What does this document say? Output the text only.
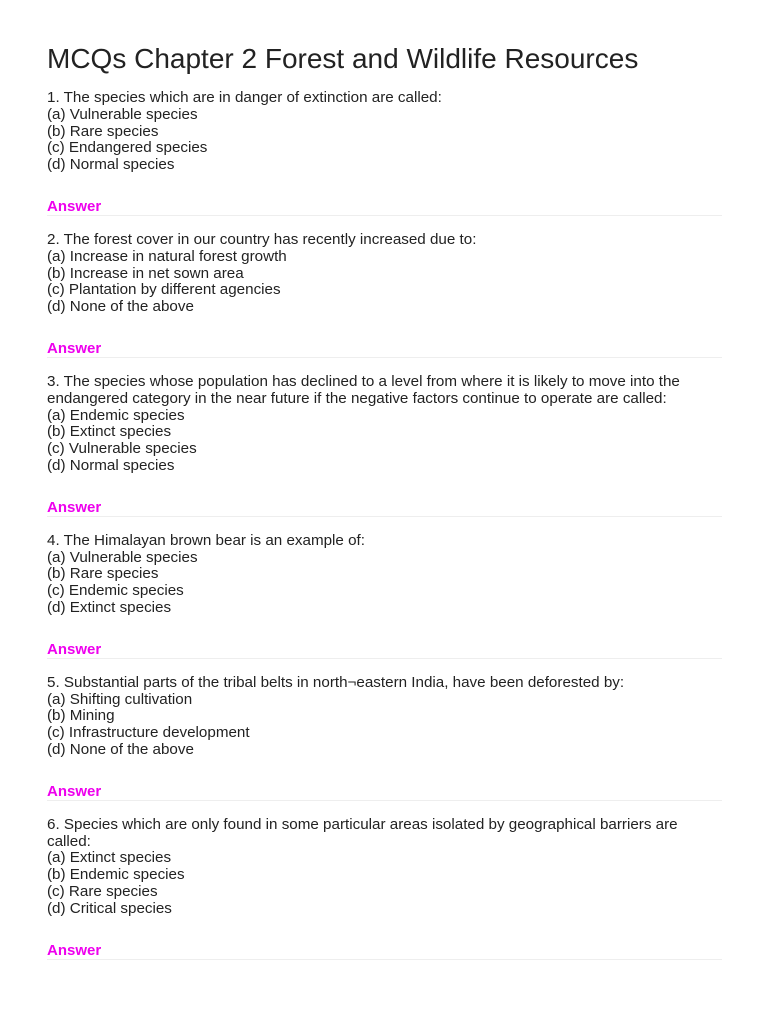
MCQs Chapter 2 Forest and Wildlife Resources

1. The species which are in danger of extinction are called:

(a) Vulnerable species

(b) Rare species

(c) Endangered species

(d) Normal species

Answer

2. The forest cover in our country has recently increased due to:

(a) Increase in natural forest growth

(b) Increase in net sown area

(c) Plantation by different agencies

(d) None of the above

Answer

3. The species whose population has declined to a level from where it is likely to move into the endangered category in the near future if the negative factors continue to operate are called:

(a) Endemic species

(b) Extinct species

(c) Vulnerable species

(d) Normal species

Answer

4. The Himalayan brown bear is an example of:

(a) Vulnerable species

(b) Rare species

(c) Endemic species

(d) Extinct species

Answer

5. Substantial parts of the tribal belts in north¬eastern India, have been deforested by:

(a) Shifting cultivation

(b) Mining

(c) Infrastructure development

(d) None of the above

Answer

6. Species which are only found in some particular areas isolated by geographical barriers are called:

(a) Extinct species

(b) Endemic species

(c) Rare species

(d) Critical species

Answer
